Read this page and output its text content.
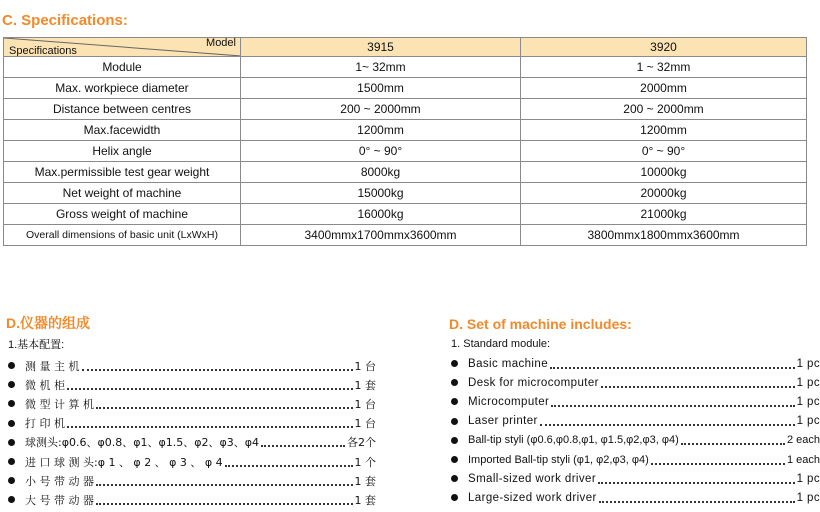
C. Specifications:
Model
Specifications	3915	3920
Module	1~ 32mm	1 ~ 32mm
Max. workpiece diameter	1500mm	2000mm
Distance between centres	200 ~ 2000mm	200 ~ 2000mm
Max.facewidth	1200mm	1200mm
Helix angle	0° ~ 90°	0° ~ 90°
Max.permissible test gear weight	8000kg	10000kg
Net weight of machine	15000kg	20000kg
Gross weight of machine	16000kg	21000kg
Overall dimensions of basic unit (LxWxH)	3400mmx1700mmx3600mm	3800mmx1800mmx3600mm
D.仪器的组成
1.基本配置:
测 量 主 机	1 台
微 机 柜	1 套
微 型 计 算 机	1 台
打 印 机	1 台
球测头:φ0.6、φ0.8、φ1、φ1.5、φ2、φ3、φ4	各2个
进 口 球 测 头:φ 1 、 φ 2 、 φ 3 、 φ 4	1 个
小 号 带 动 器	1 套
大 号 带 动 器	1 套
D. Set of machine includes:
1. Standard module:
Basic machine	1 pc
Desk for microcomputer	1 pc
Microcomputer	1 pc
Laser printer	1 pc
Ball-tip styli (φ0.6,φ0.8,φ1, φ1.5,φ2,φ3, φ4)	2 each
Imported Ball-tip styli (φ1, φ2,φ3, φ4)	1 each
Small-sized work driver	1 pc
Large-sized work driver	1 pc
